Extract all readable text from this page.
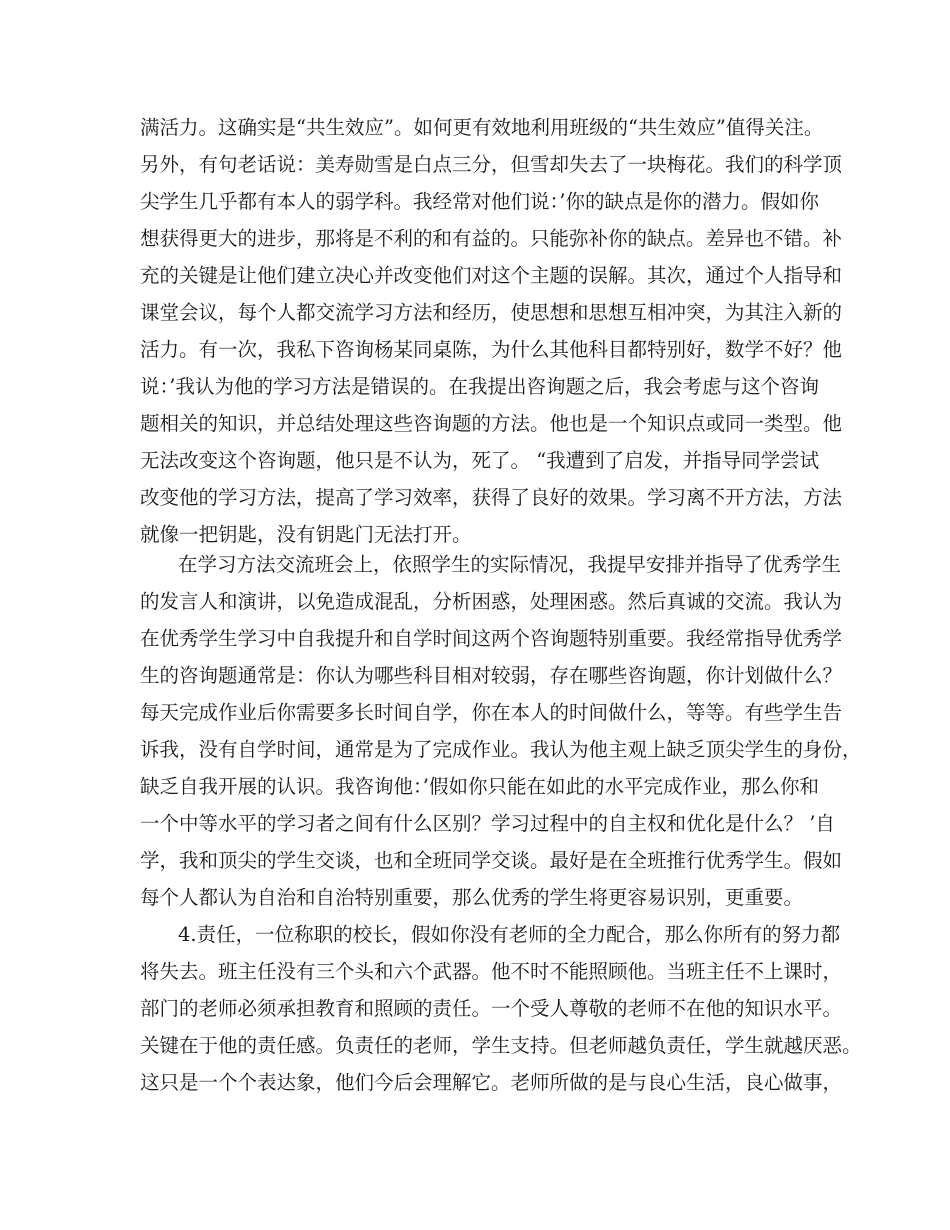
满活力。这确实是“共生效应”。如何更有效地利用班级的“共生效应”值得关注。
另外，有句老话说：美寿勋雪是白点三分，但雪却失去了一块梅花。我们的科学顶
尖学生几乎都有本人的弱学科。我经常对他们说：’你的缺点是你的潜力。假如你
想获得更大的进步，那将是不利的和有益的。只能弥补你的缺点。差异也不错。补
充的关键是让他们建立决心并改变他们对这个主题的误解。其次，通过个人指导和
课堂会议，每个人都交流学习方法和经历，使思想和思想互相冲突，为其注入新的
活力。有一次，我私下咨询杨某同桌陈，为什么其他科目都特别好，数学不好？他
说：’我认为他的学习方法是错误的。在我提出咨询题之后，我会考虑与这个咨询
题相关的知识，并总结处理这些咨询题的方法。他也是一个知识点或同一类型。他
无法改变这个咨询题，他只是不认为，死了。 “我遭到了启发，并指导同学尝试
改变他的学习方法，提高了学习效率，获得了良好的效果。学习离不开方法，方法
就像一把钥匙，没有钥匙门无法打开。
在学习方法交流班会上，依照学生的实际情况，我提早安排并指导了优秀学生
的发言人和演讲，以免造成混乱，分析困惑，处理困惑。然后真诚的交流。我认为
在优秀学生学习中自我提升和自学时间这两个咨询题特别重要。我经常指导优秀学
生的咨询题通常是：你认为哪些科目相对较弱，存在哪些咨询题，你计划做什么？
每天完成作业后你需要多长时间自学，你在本人的时间做什么，等等。有些学生告
诉我，没有自学时间，通常是为了完成作业。我认为他主观上缺乏顶尖学生的身份，
缺乏自我开展的认识。我咨询他：’假如你只能在如此的水平完成作业，那么你和
一个中等水平的学习者之间有什么区别？学习过程中的自主权和优化是什么？ ’自
学，我和顶尖的学生交谈，也和全班同学交谈。最好是在全班推行优秀学生。假如
每个人都认为自治和自治特别重要，那么优秀的学生将更容易识别，更重要。
4.责任，一位称职的校长，假如你没有老师的全力配合，那么你所有的努力都
将失去。班主任没有三个头和六个武器。他不时不能照顾他。当班主任不上课时，
部门的老师必须承担教育和照顾的责任。一个受人尊敬的老师不在他的知识水平。
关键在于他的责任感。负责任的老师，学生支持。但老师越负责任，学生就越厌恶。
这只是一个个表达象，他们今后会理解它。老师所做的是与良心生活，良心做事，
